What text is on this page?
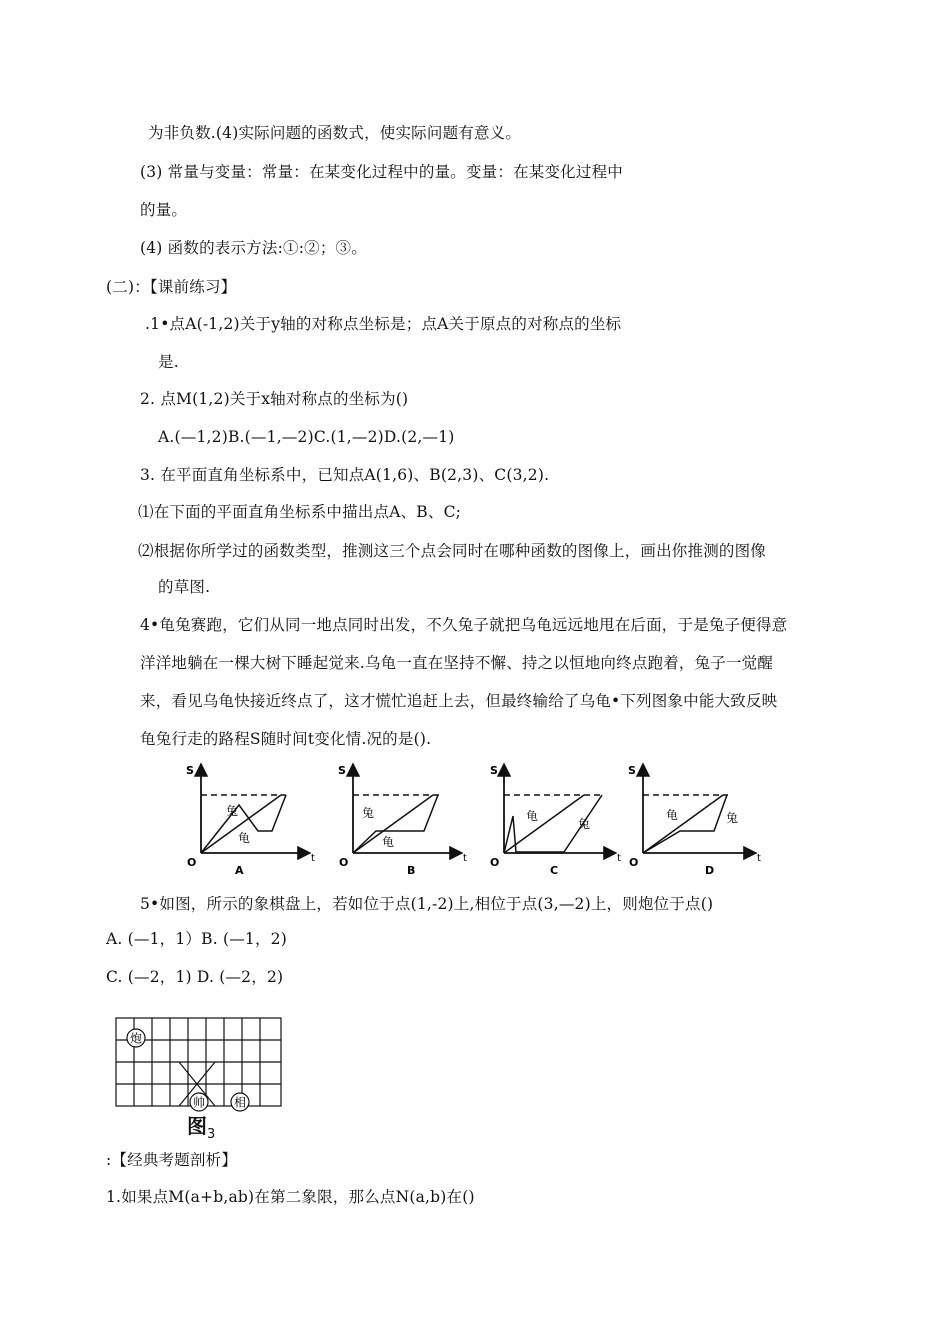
为非负数.(4)实际问题的函数式，使实际问题有意义。
(3) 常量与变量：常量：在某变化过程中的量。变量：在某变化过程中
的量。
(4) 函数的表示方法:①:②；③。
(二)：【课前练习】
.1•点A(-1,2)关于y轴的对称点坐标是；点A关于原点的对称点的坐标
是.
2. 点M(1,2)关于x轴对称点的坐标为()
A.(—1,2)B.(—1,—2)C.(1,—2)D.(2,—1)
3. 在平面直角坐标系中，已知点A(1,6)、B(2,3)、C(3,2).
⑴在下面的平面直角坐标系中描出点A、B、C;
⑵根据你所学过的函数类型，推测这三个点会同时在哪种函数的图像上，画出你推测的图像
的草图.
4•龟兔赛跑，它们从同一地点同时出发，不久兔子就把乌龟远远地甩在后面，于是兔子便得意
洋洋地躺在一棵大树下睡起觉来.乌龟一直在坚持不懈、持之以恒地向终点跑着，兔子一觉醒
来，看见乌龟快接近终点了，这才慌忙追赶上去，但最终输给了乌龟•下列图象中能大致反映
龟兔行走的路程S随时间t变化情.况的是().
S
t
O
兔
龟
A
S
t
O
兔
龟
B
S
t
O
龟
兔
C
S
t
O
龟	兔
D
5•如图，所示的象棋盘上，若如位于点(1,-2)上,相位于点(3,—2)上，则炮位于点()
A. (—1，1）B. (—1，2)
C. (—2，1) D. (—2，2)
炮
帅 相
图$_3$
:【经典考题剖析】
1.如果点M(a+b,ab)在第二象限，那么点N(a,b)在()
